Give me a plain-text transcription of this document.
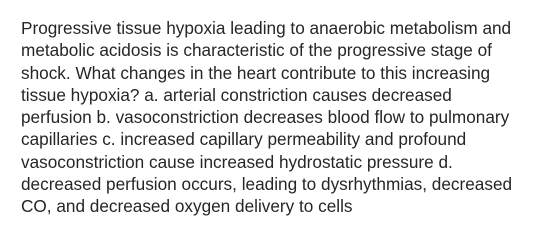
Progressive tissue hypoxia leading to anaerobic metabolism and
metabolic acidosis is characteristic of the progressive stage of
shock. What changes in the heart contribute to this increasing
tissue hypoxia? a. arterial constriction causes decreased
perfusion b. vasoconstriction decreases blood flow to pulmonary
capillaries c. increased capillary permeability and profound
vasoconstriction cause increased hydrostatic pressure d.
decreased perfusion occurs, leading to dysrhythmias, decreased
CO, and decreased oxygen delivery to cells
